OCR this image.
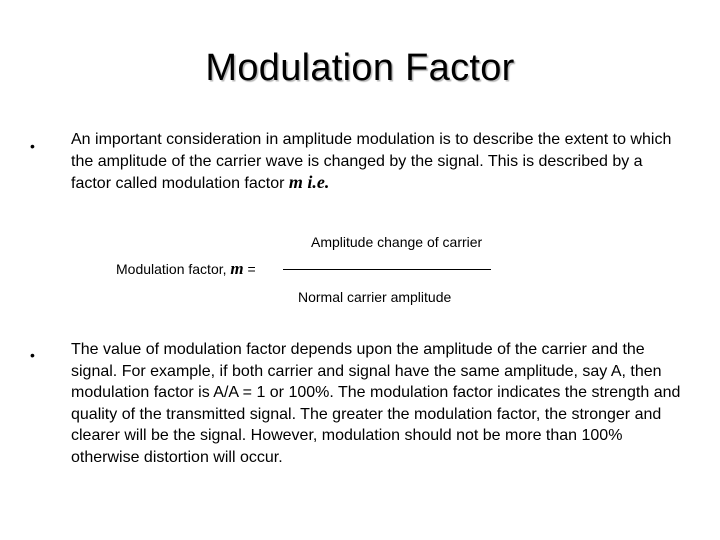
Modulation Factor
• An important consideration in amplitude modulation is to describe the extent to which the amplitude of the carrier wave is changed by the signal. This is described by a factor called modulation factor m i.e.
Amplitude change of carrier
Modulation factor, m =
Normal carrier amplitude
• The value of modulation factor depends upon the amplitude of the carrier and the signal. For example, if both carrier and signal have the same amplitude, say A, then modulation factor is A/A = 1 or 100%. The modulation factor indicates the strength and quality of the transmitted signal. The greater the modulation factor, the stronger and clearer will be the signal. However, modulation should not be more than 100% otherwise distortion will occur.
